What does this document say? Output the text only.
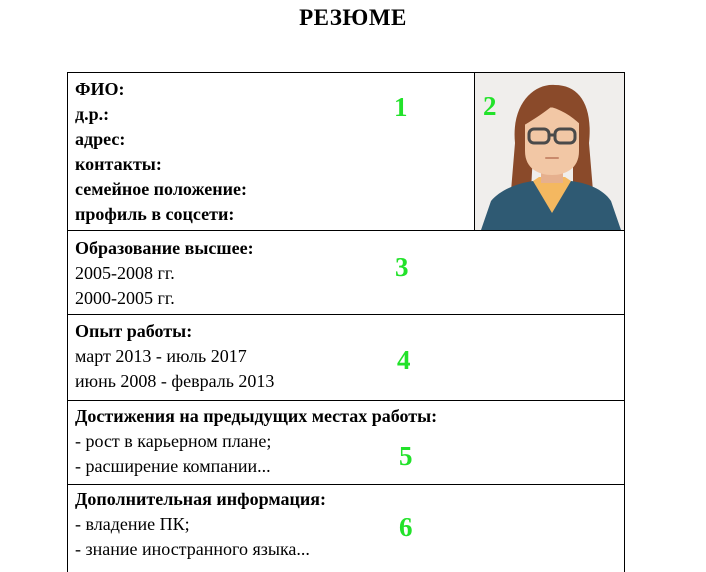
РЕЗЮМЕ
ФИО:
д.р.:
адрес:
контакты:
семейное положение:
профиль в соцсети:
Образование высшее:
2005-2008 гг.
2000-2005 гг.
Опыт работы:
март 2013 - июль 2017
июнь 2008 - февраль 2013
Достижения на предыдущих местах работы:
- рост в карьерном плане;
- расширение компании...
Дополнительная информация:
- владение ПК;
- знание иностранного языка...
1	2
3
4
5
6
